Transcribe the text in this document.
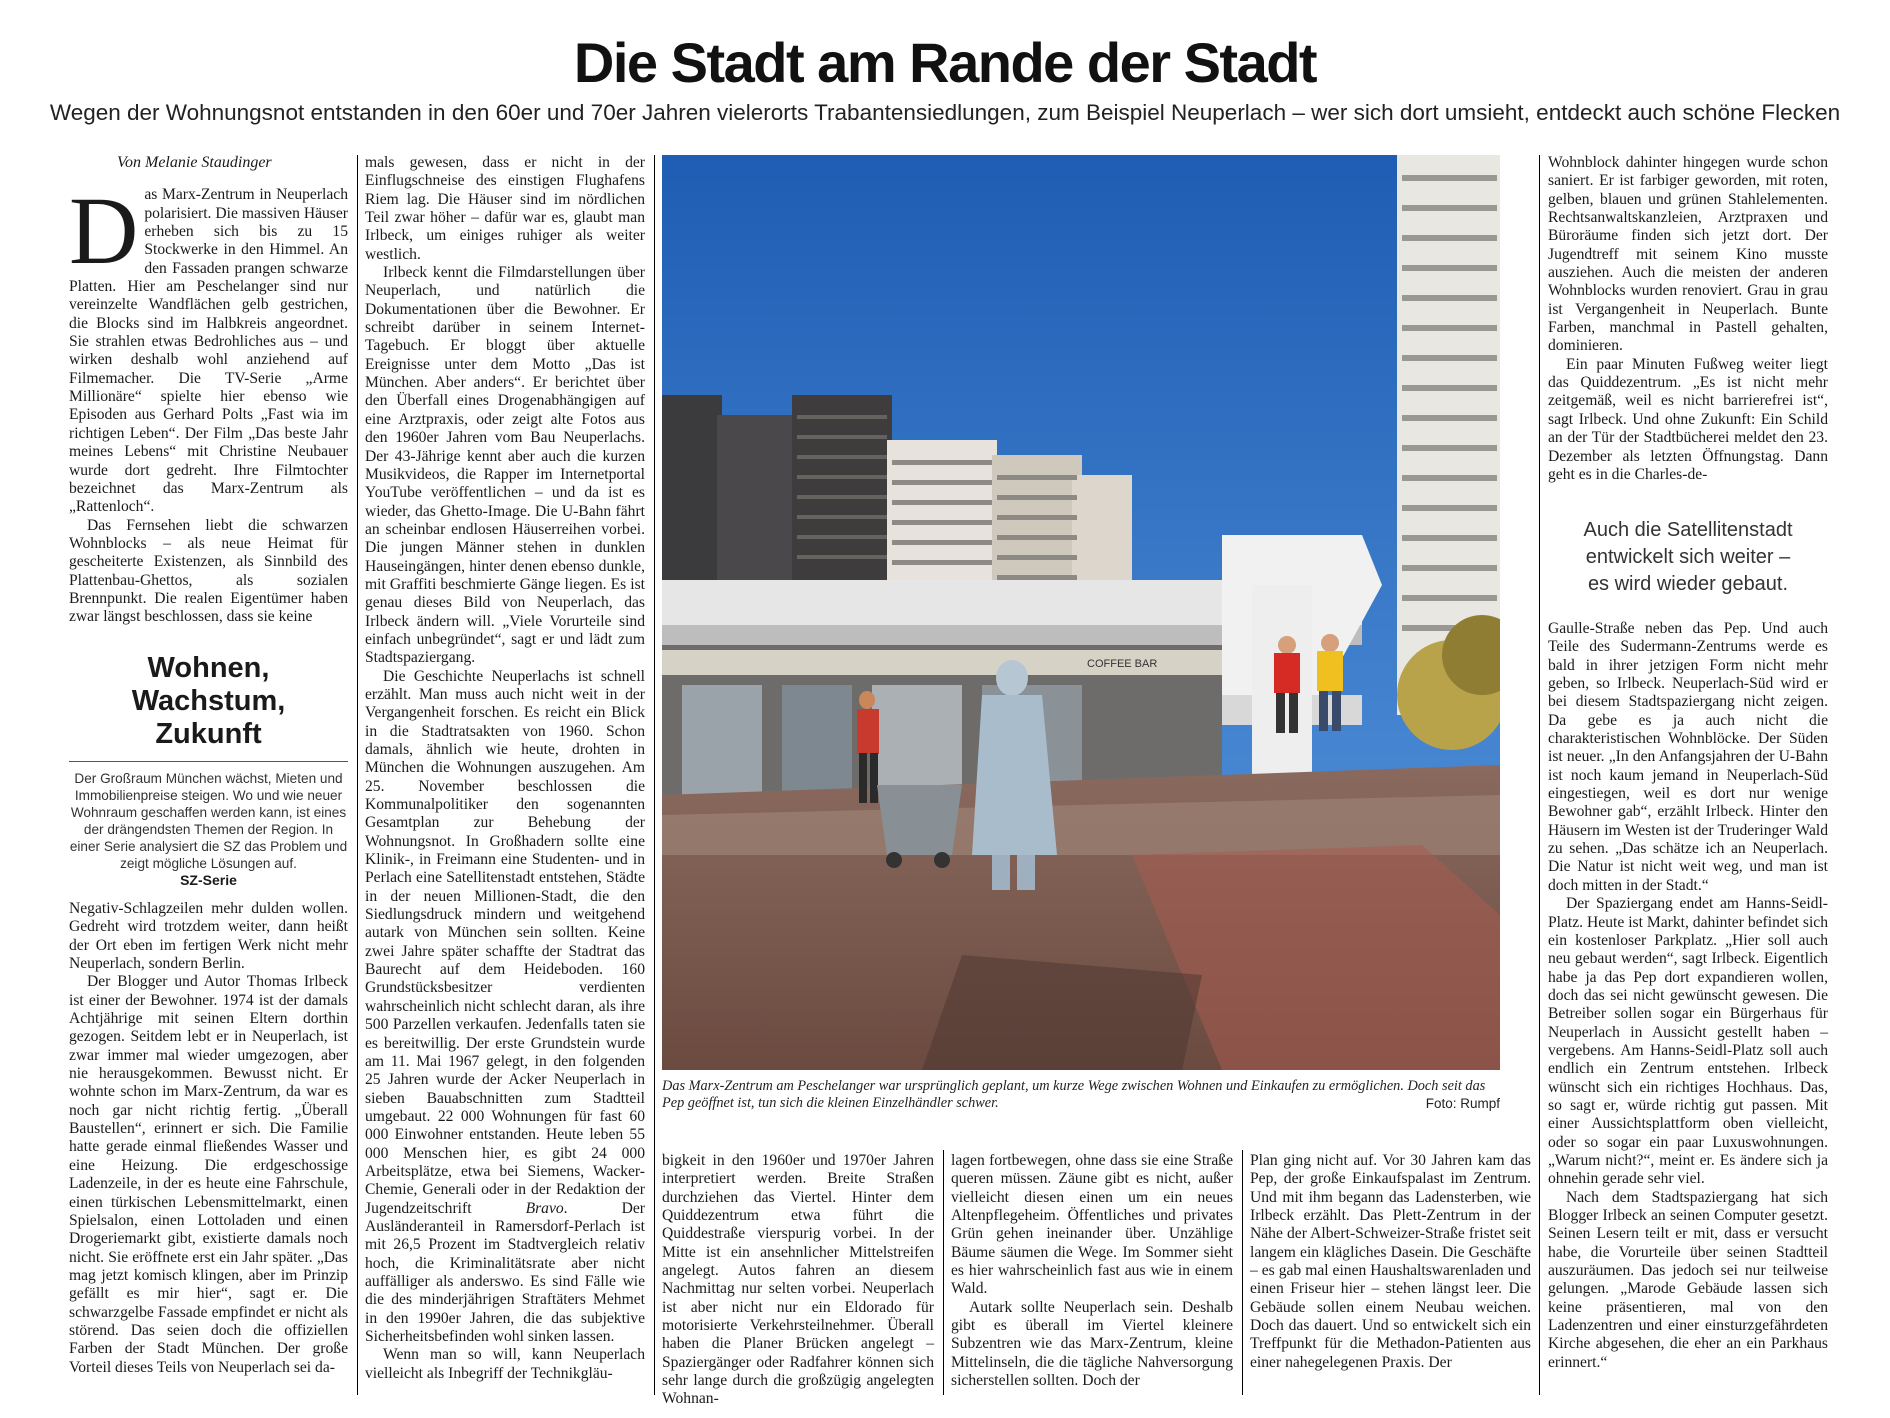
Die Stadt am Rande der Stadt
Wegen der Wohnungsnot entstanden in den 60er und 70er Jahren vielerorts Trabantensiedlungen, zum Beispiel Neuperlach – wer sich dort umsieht, entdeckt auch schöne Flecken

Von Melanie Staudinger

Das Marx-Zentrum in Neuperlach polarisiert. Die massiven Häuser erheben sich bis zu 15 Stockwerke in den Himmel. An den Fassaden prangen schwarze Platten. Hier am Peschelanger sind nur vereinzelte Wandflächen gelb gestrichen, die Blocks sind im Halbkreis angeordnet. Sie strahlen etwas Bedrohliches aus – und wirken deshalb wohl anziehend auf Filmemacher. Die TV-Serie „Arme Millionäre“ spielte hier ebenso wie Episoden aus Gerhard Polts „Fast wia im richtigen Leben“. Der Film „Das beste Jahr meines Lebens“ mit Christine Neubauer wurde dort gedreht. Ihre Filmtochter bezeichnet das Marx-Zentrum als „Rattenloch“.

Das Fernsehen liebt die schwarzen Wohnblocks – als neue Heimat für gescheiterte Existenzen, als Sinnbild des Plattenbau-Ghettos, als sozialen Brennpunkt. Die realen Eigentümer haben zwar längst beschlossen, dass sie keine

Wohnen,
Wachstum,
Zukunft
Der Großraum München wächst, Mieten und Immobilienpreise steigen. Wo und wie neuer Wohnraum geschaffen werden kann, ist eines der drängendsten Themen der Region. In einer Serie analysiert die SZ das Problem und zeigt mögliche Lösungen auf.
SZ-Serie

Negativ-Schlagzeilen mehr dulden wollen. Gedreht wird trotzdem weiter, dann heißt der Ort eben im fertigen Werk nicht mehr Neuperlach, sondern Berlin.

Der Blogger und Autor Thomas Irlbeck ist einer der Bewohner. 1974 ist der damals Achtjährige mit seinen Eltern dorthin gezogen. Seitdem lebt er in Neuperlach, ist zwar immer mal wieder umgezogen, aber nie herausgekommen. Bewusst nicht. Er wohnte schon im Marx-Zentrum, da war es noch gar nicht richtig fertig. „Überall Baustellen“, erinnert er sich. Die Familie hatte gerade einmal fließendes Wasser und eine Heizung. Die erdgeschossige Ladenzeile, in der es heute eine Fahrschule, einen türkischen Lebensmittelmarkt, einen Spielsalon, einen Lottoladen und einen Drogeriemarkt gibt, existierte damals noch nicht. Sie eröffnete erst ein Jahr später. „Das mag jetzt komisch klingen, aber im Prinzip gefällt es mir hier“, sagt er. Die schwarzgelbe Fassade empfindet er nicht als störend. Das seien doch die offiziellen Farben der Stadt München. Der große Vorteil dieses Teils von Neuperlach sei da-

mals gewesen, dass er nicht in der Einflugschneise des einstigen Flughafens Riem lag. Die Häuser sind im nördlichen Teil zwar höher – dafür war es, glaubt man Irlbeck, um einiges ruhiger als weiter westlich.

Irlbeck kennt die Filmdarstellungen über Neuperlach, und natürlich die Dokumentationen über die Bewohner. Er schreibt darüber in seinem Internet-Tagebuch. Er bloggt über aktuelle Ereignisse unter dem Motto „Das ist München. Aber anders“. Er berichtet über den Überfall eines Drogenabhängigen auf eine Arztpraxis, oder zeigt alte Fotos aus den 1960er Jahren vom Bau Neuperlachs. Der 43-Jährige kennt aber auch die kurzen Musikvideos, die Rapper im Internetportal YouTube veröffentlichen – und da ist es wieder, das Ghetto-Image. Die U-Bahn fährt an scheinbar endlosen Häuserreihen vorbei. Die jungen Männer stehen in dunklen Hauseingängen, hinter denen ebenso dunkle, mit Graffiti beschmierte Gänge liegen. Es ist genau dieses Bild von Neuperlach, das Irlbeck ändern will. „Viele Vorurteile sind einfach unbegründet“, sagt er und lädt zum Stadtspaziergang.

Die Geschichte Neuperlachs ist schnell erzählt. Man muss auch nicht weit in der Vergangenheit forschen. Es reicht ein Blick in die Stadtratsakten von 1960. Schon damals, ähnlich wie heute, drohten in München die Wohnungen auszugehen. Am 25. November beschlossen die Kommunalpolitiker den sogenannten Gesamtplan zur Behebung der Wohnungsnot. In Großhadern sollte eine Klinik-, in Freimann eine Studenten- und in Perlach eine Satellitenstadt entstehen, Städte in der neuen Millionen-Stadt, die den Siedlungsdruck mindern und weitgehend autark von München sein sollten. Keine zwei Jahre später schaffte der Stadtrat das Baurecht auf dem Heideboden. 160 Grundstücksbesitzer verdienten wahrscheinlich nicht schlecht daran, als ihre 500 Parzellen verkaufen. Jedenfalls taten sie es bereitwillig. Der erste Grundstein wurde am 11. Mai 1967 gelegt, in den folgenden 25 Jahren wurde der Acker Neuperlach in sieben Bauabschnitten zum Stadtteil umgebaut. 22 000 Wohnungen für fast 60 000 Einwohner entstanden. Heute leben 55 000 Menschen hier, es gibt 24 000 Arbeitsplätze, etwa bei Siemens, Wacker-Chemie, Generali oder in der Redaktion der Jugendzeitschrift	Bravo. Der Ausländeranteil in Ramersdorf-Perlach ist mit 26,5 Prozent im Stadtvergleich relativ hoch, die Kriminalitätsrate aber nicht auffälliger als anderswo. Es sind Fälle wie die des minderjährigen Straftäters Mehmet in den 1990er Jahren, die das subjektive Sicherheitsbefinden wohl sinken lassen.

Wenn man so will, kann Neuperlach vielleicht als Inbegriff der Technikgläu-

COFFEE BAR
Das Marx-Zentrum am Peschelanger war ursprünglich geplant, um kurze Wege zwischen Wohnen und Einkaufen zu ermöglichen. Doch seit das Pep geöffnet ist, tun sich die kleinen Einzelhändler schwer.	Foto: Rumpf

bigkeit in den 1960er und 1970er Jahren interpretiert werden. Breite Straßen durchziehen das Viertel. Hinter dem Quiddezentrum etwa führt die Quiddestraße vierspurig vorbei. In der Mitte ist ein ansehnlicher Mittelstreifen angelegt. Autos fahren an diesem Nachmittag nur selten vorbei. Neuperlach ist aber nicht nur ein Eldorado für motorisierte Verkehrsteilnehmer. Überall haben die Planer Brücken angelegt – Spaziergänger oder Radfahrer können sich sehr lange durch die großzügig angelegten Wohnan-

lagen fortbewegen, ohne dass sie eine Straße queren müssen. Zäune gibt es nicht, außer vielleicht diesen einen um ein neues Altenpflegeheim. Öffentliches und privates Grün gehen ineinander über. Unzählige Bäume säumen die Wege. Im Sommer sieht es hier wahrscheinlich fast aus wie in einem Wald.

Autark sollte Neuperlach sein. Deshalb gibt es überall im Viertel kleinere Subzentren wie das Marx-Zentrum, kleine Mittelinseln, die die tägliche Nahversorgung sicherstellen sollten. Doch der

Plan ging nicht auf. Vor 30 Jahren kam das Pep, der große Einkaufspalast im Zentrum. Und mit ihm begann das Ladensterben, wie Irlbeck erzählt. Das Plett-Zentrum in der Nähe der Albert-Schweizer-Straße fristet seit langem ein klägliches Dasein. Die Geschäfte – es gab mal einen Haushaltswarenladen und einen Friseur hier – stehen längst leer. Die Gebäude sollen einem Neubau weichen. Doch das dauert. Und so entwickelt sich ein Treffpunkt für die Methadon-Patienten aus einer nahegelegenen Praxis. Der

Wohnblock dahinter hingegen wurde schon saniert. Er ist farbiger geworden, mit roten, gelben, blauen und grünen Stahlelementen. Rechtsanwaltskanzleien, Arztpraxen und Büroräume finden sich jetzt dort. Der Jugendtreff mit seinem Kino musste ausziehen. Auch die meisten der anderen Wohnblocks wurden renoviert. Grau in grau ist Vergangenheit in Neuperlach. Bunte Farben, manchmal in Pastell gehalten, dominieren.

Ein paar Minuten Fußweg weiter liegt das Quiddezentrum. „Es ist nicht mehr zeitgemäß, weil es nicht barrierefrei ist“, sagt Irlbeck. Und ohne Zukunft: Ein Schild an der Tür der Stadtbücherei meldet den 23. Dezember als letzten Öffnungstag. Dann geht es in die Charles-de-

Auch die Satellitenstadt
entwickelt sich weiter –
es wird wieder gebaut.

Gaulle-Straße neben das Pep. Und auch Teile des Sudermann-Zentrums werde es bald in ihrer jetzigen Form nicht mehr geben, so Irlbeck. Neuperlach-Süd wird er bei diesem Stadtspaziergang nicht zeigen. Da gebe es ja auch nicht die charakteristischen Wohnblöcke. Der Süden ist neuer. „In den Anfangsjahren der U-Bahn ist noch kaum jemand in Neuperlach-Süd eingestiegen, weil es dort nur wenige Bewohner gab“, erzählt Irlbeck. Hinter den Häusern im Westen ist der Truderinger Wald zu sehen. „Das schätze ich an Neuperlach. Die Natur ist nicht weit weg, und man ist doch mitten in der Stadt.“

Der Spaziergang endet am Hanns-Seidl-Platz. Heute ist Markt, dahinter befindet sich ein kostenloser Parkplatz. „Hier soll auch neu gebaut werden“, sagt Irlbeck. Eigentlich habe ja das Pep dort expandieren wollen, doch das sei nicht gewünscht gewesen. Die Betreiber sollen sogar ein Bürgerhaus für Neuperlach in Aussicht gestellt haben – vergebens. Am Hanns-Seidl-Platz soll auch endlich ein Zentrum entstehen. Irlbeck wünscht sich ein richtiges Hochhaus. Das, so sagt er, würde richtig gut passen. Mit einer Aussichtsplattform oben vielleicht, oder so sogar ein paar Luxuswohnungen. „Warum nicht?“, meint er. Es ändere sich ja ohnehin gerade sehr viel.

Nach dem Stadtspaziergang hat sich Blogger Irlbeck an seinen Computer gesetzt. Seinen Lesern teilt er mit, dass er versucht habe, die Vorurteile über seinen Stadtteil auszuräumen. Das jedoch sei nur teilweise gelungen. „Marode Gebäude lassen sich keine präsentieren, mal von den Ladenzentren und einer einsturzgefährdeten Kirche abgesehen, die eher an ein Parkhaus erinnert.“
